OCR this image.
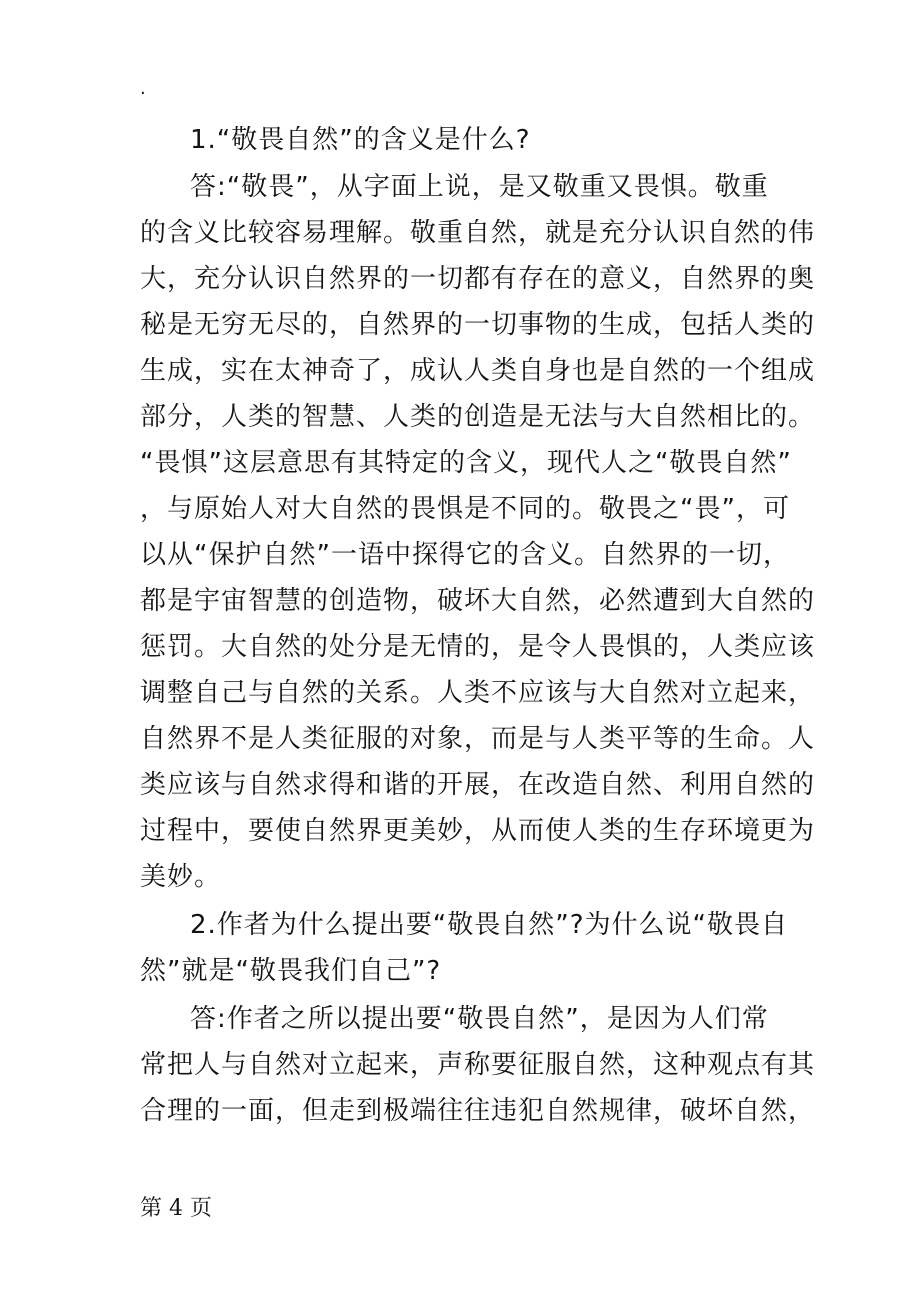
.
1.“敬畏自然”的含义是什么?
答:“敬畏”，从字面上说，是又敬重又畏惧。敬重
的含义比较容易理解。敬重自然，就是充分认识自然的伟
大，充分认识自然界的一切都有存在的意义，自然界的奥
秘是无穷无尽的，自然界的一切事物的生成，包括人类的
生成，实在太神奇了，成认人类自身也是自然的一个组成
部分，人类的智慧、人类的创造是无法与大自然相比的。
“畏惧”这层意思有其特定的含义，现代人之“敬畏自然”
，与原始人对大自然的畏惧是不同的。敬畏之“畏”，可
以从“保护自然”一语中探得它的含义。自然界的一切，
都是宇宙智慧的创造物，破坏大自然，必然遭到大自然的
惩罚。大自然的处分是无情的，是令人畏惧的，人类应该
调整自己与自然的关系。人类不应该与大自然对立起来，
自然界不是人类征服的对象，而是与人类平等的生命。人
类应该与自然求得和谐的开展，在改造自然、利用自然的
过程中，要使自然界更美妙，从而使人类的生存环境更为
美妙。
2.作者为什么提出要“敬畏自然”?为什么说“敬畏自
然”就是“敬畏我们自己”?
答:作者之所以提出要“敬畏自然”，是因为人们常
常把人与自然对立起来，声称要征服自然，这种观点有其
合理的一面，但走到极端往往违犯自然规律，破坏自然，
第 4 页
